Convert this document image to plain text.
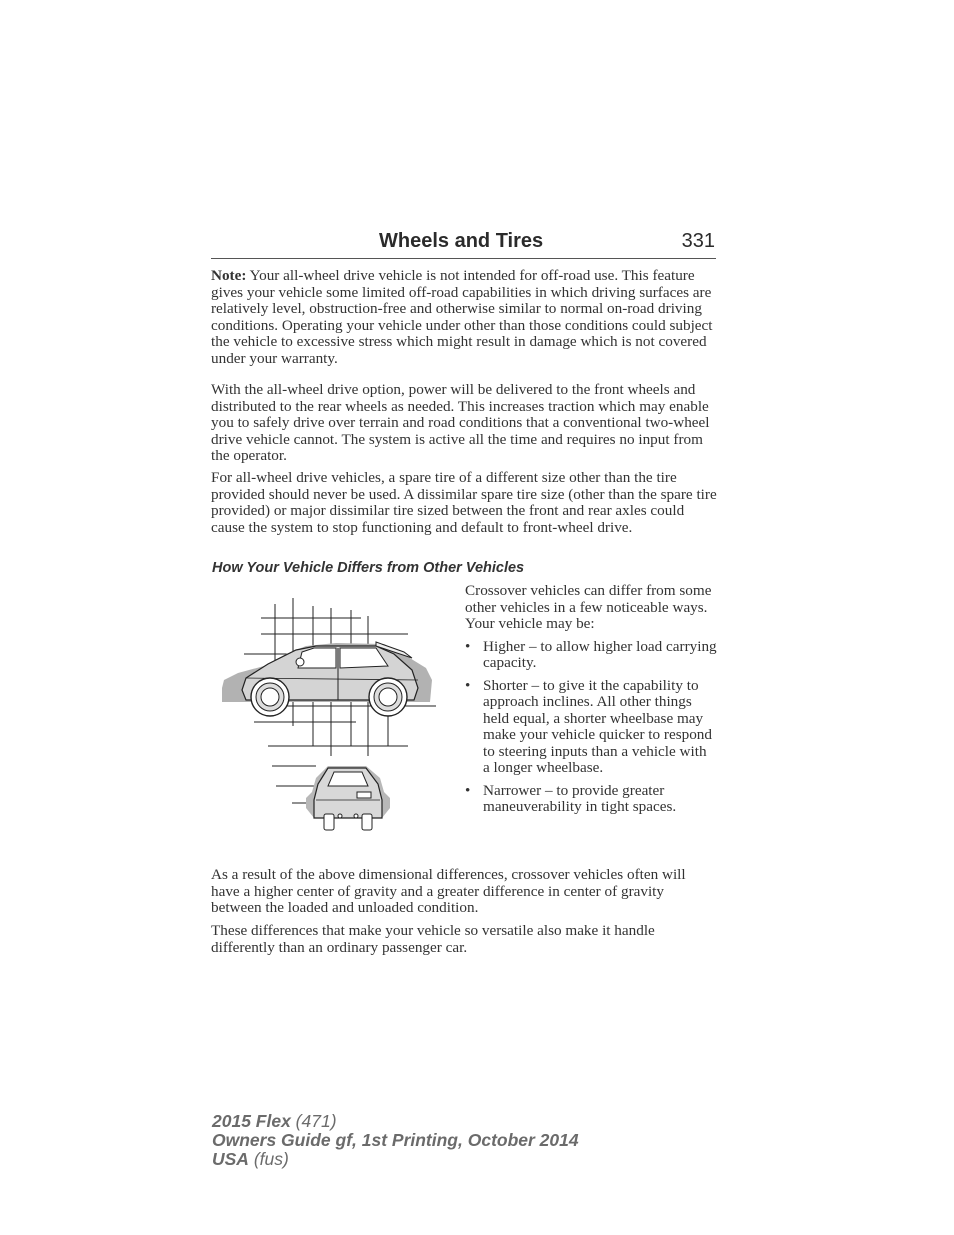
Wheels and Tires	331

Note: Your all-wheel drive vehicle is not intended for off-road use. This feature gives your vehicle some limited off-road capabilities in which driving surfaces are relatively level, obstruction-free and otherwise similar to normal on-road driving conditions. Operating your vehicle under other than those conditions could subject the vehicle to excessive stress which might result in damage which is not covered under your warranty.

With the all-wheel drive option, power will be delivered to the front wheels and distributed to the rear wheels as needed. This increases traction which may enable you to safely drive over terrain and road conditions that a conventional two-wheel drive vehicle cannot. The system is active all the time and requires no input from the operator.

For all-wheel drive vehicles, a spare tire of a different size other than the tire provided should never be used. A dissimilar spare tire size (other than the spare tire provided) or major dissimilar tire sized between the front and rear axles could cause the system to stop functioning and default to front-wheel drive.

How Your Vehicle Differs from Other Vehicles

Crossover vehicles can differ from some other vehicles in a few noticeable ways. Your vehicle may be:

• Higher – to allow higher load carrying capacity.
• Shorter – to give it the capability to approach inclines. All other things held equal, a shorter wheelbase may make your vehicle quicker to respond to steering inputs than a vehicle with a longer wheelbase.
• Narrower – to provide greater maneuverability in tight spaces.

As a result of the above dimensional differences, crossover vehicles often will have a higher center of gravity and a greater difference in center of gravity between the loaded and unloaded condition.

These differences that make your vehicle so versatile also make it handle differently than an ordinary passenger car.

2015 Flex (471)
Owners Guide gf, 1st Printing, October 2014
USA (fus)
